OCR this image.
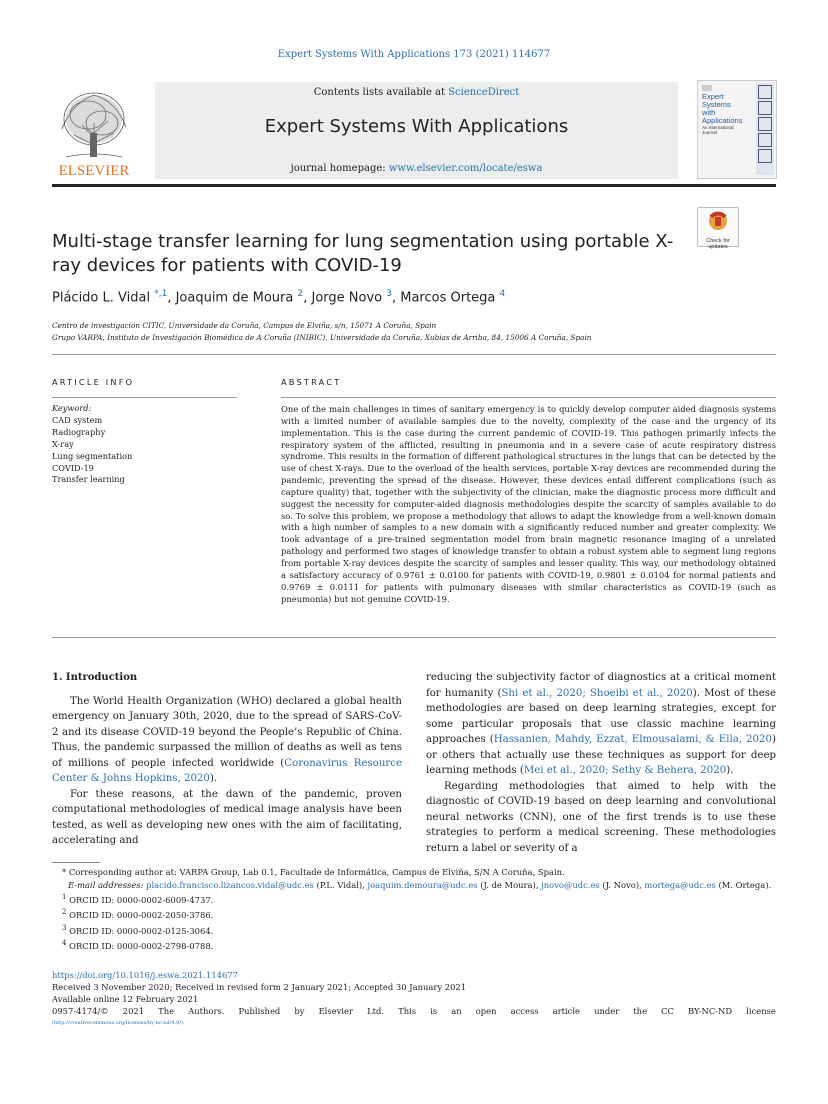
Expert Systems With Applications 173 (2021) 114677
ELSEVIER
Contents lists available at ScienceDirect
Expert Systems With Applications
journal homepage: www.elsevier.com/locate/eswa
Expert
Systems
with
Applications
An International Journal
Check for updates
Multi-stage transfer learning for lung segmentation using portable X-ray devices for patients with COVID-19
Plácido L. Vidal $^{*,1}$, Joaquim de Moura $^2$, Jorge Novo $^3$, Marcos Ortega $^4$
Centro de investigación CITIC, Universidade da Coruña, Campus de Elviña, s/n, 15071 A Coruña, Spain
Grupo VARPA, Instituto de Investigación Biomédica de A Coruña (INIBIC), Universidade da Coruña, Xubias de Arriba, 84, 15006 A Coruña, Spain
ARTICLE INFO	ABSTRACT
Keyword:
CAD system
Radiography
X-ray
Lung segmentation
COVID-19
Transfer learning
One of the main challenges in times of sanitary emergency is to quickly develop computer aided diagnosis systems with a limited number of available samples due to the novelty, complexity of the case and the urgency of its implementation. This is the case during the current pandemic of COVID-19. This pathogen primarily infects the respiratory system of the afflicted, resulting in pneumonia and in a severe case of acute respiratory distress syndrome. This results in the formation of different pathological structures in the lungs that can be detected by the use of chest X-rays. Due to the overload of the health services, portable X-ray devices are recommended during the pandemic, preventing the spread of the disease. However, these devices entail different complications (such as capture quality) that, together with the subjectivity of the clinician, make the diagnostic process more difficult and suggest the necessity for computer-aided diagnosis methodologies despite the scarcity of samples available to do so. To solve this problem, we propose a methodology that allows to adapt the knowledge from a well-known domain with a high number of samples to a new domain with a significantly reduced number and greater complexity. We took advantage of a pre-trained segmentation model from brain magnetic resonance imaging of a unrelated pathology and performed two stages of knowledge transfer to obtain a robust system able to segment lung regions from portable X-ray devices despite the scarcity of samples and lesser quality. This way, our methodology obtained a satisfactory accuracy of 0.9761 ± 0.0100 for patients with COVID-19, 0.9801 ± 0.0104 for normal patients and 0.9769 ± 0.0111 for patients with pulmonary diseases with similar characteristics as COVID-19 (such as pneumonia) but not genuine COVID-19.

1. Introduction

The World Health Organization (WHO) declared a global health emergency on January 30th, 2020, due to the spread of SARS-CoV-2 and its disease COVID-19 beyond the People’s Republic of China. Thus, the pandemic surpassed the million of deaths as well as tens of millions of people infected worldwide (Coronavirus Resource Center & Johns Hopkins, 2020).

For these reasons, at the dawn of the pandemic, proven computational methodologies of medical image analysis have been tested, as well as developing new ones with the aim of facilitating, accelerating and

reducing the subjectivity factor of diagnostics at a critical moment for humanity (Shi et al., 2020; Shoeibi et al., 2020). Most of these methodologies are based on deep learning strategies, except for some particular proposals that use classic machine learning approaches (Hassanien, Mahdy, Ezzat, Elmousalami, & Ella, 2020) or others that actually use these techniques as support for deep learning methods (Mei et al., 2020; Sethy & Behera, 2020).

Regarding methodologies that aimed to help with the diagnostic of COVID-19 based on deep learning and convolutional neural networks (CNN), one of the first trends is to use these strategies to perform a medical screening. These methodologies return a label or severity of a

* Corresponding author at: VARPA Group, Lab 0.1, Facultade de Informática, Campus de Elviña, S/N A Coruña, Spain.

E-mail addresses: placido.francisco.lizancos.vidal@udc.es (P.L. Vidal), joaquim.demoura@udc.es (J. de Moura), jnovo@udc.es (J. Novo), mortega@udc.es (M. Ortega).

$^1$ ORCID ID: 0000-0002-6009-4737.

$^2$ ORCID ID: 0000-0002-2050-3786.

$^3$ ORCID ID: 0000-0002-0125-3064.

$^4$ ORCID ID: 0000-0002-2798-0788.

https://doi.org/10.1016/j.eswa.2021.114677

Received 3 November 2020; Received in revised form 2 January 2021; Accepted 30 January 2021

Available online 12 February 2021

0957-4174/© 2021 The Authors. Published by Elsevier Ltd. This is an open access article under the CC BY-NC-ND license

(http://creativecommons.org/licenses/by-nc-nd/4.0/).
